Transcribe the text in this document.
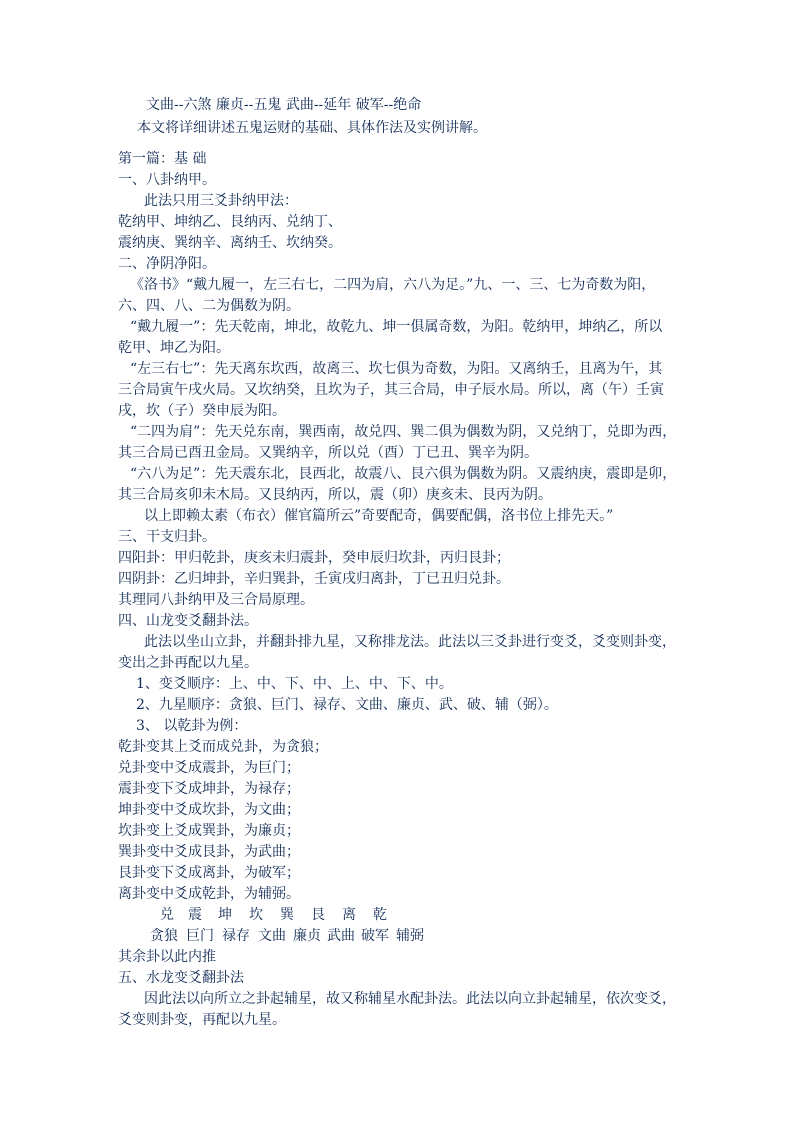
文曲--六煞 廉贞--五鬼 武曲--延年 破军--绝命
本文将详细讲述五鬼运财的基础、具体作法及实例讲解。
第一篇：基 础
一、八卦纳甲。
此法只用三爻卦纳甲法：
乾纳甲、坤纳乙、艮纳丙、兑纳丁、
震纳庚、巽纳辛、离纳壬、坎纳癸。
二、净阴净阳。
《洛书》“戴九履一，左三右七，二四为肩，六八为足。”九、一、三、七为奇数为阳，
六、四、八、二为偶数为阴。
“戴九履一”：先天乾南，坤北，故乾九、坤一俱属奇数，为阳。乾纳甲，坤纳乙，所以
乾甲、坤乙为阳。
“左三右七”：先天离东坎西，故离三、坎七俱为奇数，为阳。又离纳壬，且离为午，其
三合局寅午戌火局。又坎纳癸，且坎为子，其三合局，申子辰水局。所以，离（午）壬寅
戌，坎（子）癸申辰为阳。
“二四为肩”：先天兑东南，巽西南，故兑四、巽二俱为偶数为阴，又兑纳丁，兑即为西，
其三合局已酉丑金局。又巽纳辛，所以兑（酉）丁已丑、巽辛为阴。
“六八为足”：先天震东北，艮西北，故震八、艮六俱为偶数为阴。又震纳庚，震即是卯，
其三合局亥卯未木局。又艮纳丙，所以，震（卯）庚亥未、艮丙为阴。
以上即赖太素（布衣）催官篇所云”奇要配奇，偶要配偶，洛书位上排先天。”
三、干支归卦。
四阳卦：甲归乾卦，庚亥未归震卦，癸申辰归坎卦，丙归艮卦；
四阴卦：乙归坤卦，辛归巽卦，壬寅戌归离卦，丁已丑归兑卦。
其理同八卦纳甲及三合局原理。
四、山龙变爻翻卦法。
此法以坐山立卦，并翻卦排九星，又称排龙法。此法以三爻卦进行变爻，爻变则卦变，
变出之卦再配以九星。
1、变爻顺序：上、中、下、中、上、中、下、中。
2、九星顺序：贪狼、巨门、禄存、文曲、廉贞、武、破、辅（弼）。
3、 以乾卦为例：
乾卦变其上爻而成兑卦，为贪狼；
兑卦变中爻成震卦，为巨门；
震卦变下爻成坤卦，为禄存；
坤卦变中爻成坎卦，为文曲；
坎卦变上爻成巽卦，为廉贞；
巽卦变中爻成艮卦，为武曲；
艮卦变下爻成离卦，为破军；
离卦变中爻成乾卦，为辅弼。
兑 震 坤 坎 巽 艮 离 乾
贪狼 巨门 禄存 文曲 廉贞 武曲 破军 辅弼
其余卦以此内推
五、水龙变爻翻卦法
因此法以向所立之卦起辅星，故又称辅星水配卦法。此法以向立卦起辅星，依次变爻，
爻变则卦变，再配以九星。
